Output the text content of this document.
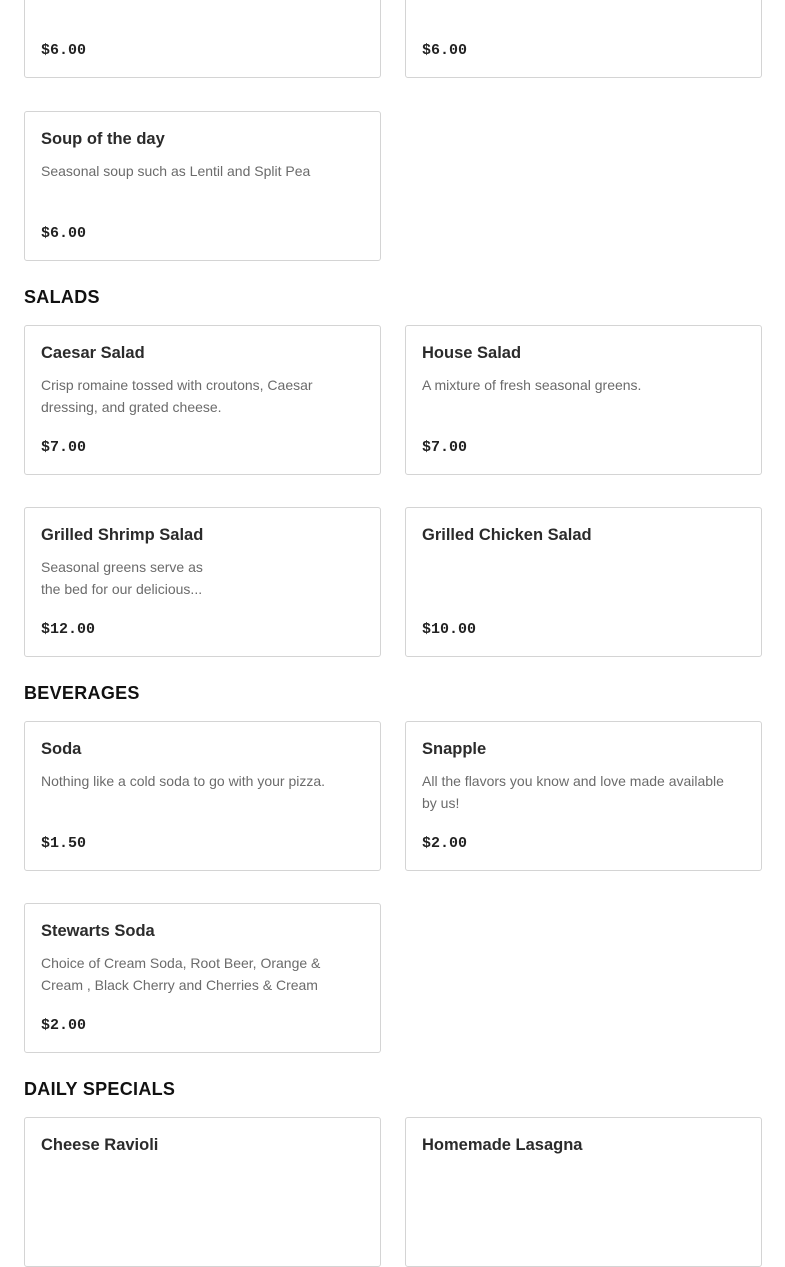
$6.00	$6.00
Soup of the day
Seasonal soup such as Lentil and Split Pea
$6.00
SALADS
Caesar Salad
Crisp romaine tossed with croutons, Caesar dressing, and grated cheese.
$7.00
House Salad
A mixture of fresh seasonal greens.
$7.00
Grilled Shrimp Salad
Seasonal greens serve as the bed for our delicious...
$12.00
Grilled Chicken Salad
$10.00
BEVERAGES
Soda
Nothing like a cold soda to go with your pizza.
$1.50
Snapple
All the flavors you know and love made available by us!
$2.00
Stewarts Soda
Choice of Cream Soda, Root Beer, Orange & Cream , Black Cherry and Cherries & Cream
$2.00
DAILY SPECIALS
Cheese Ravioli	Homemade Lasagna
